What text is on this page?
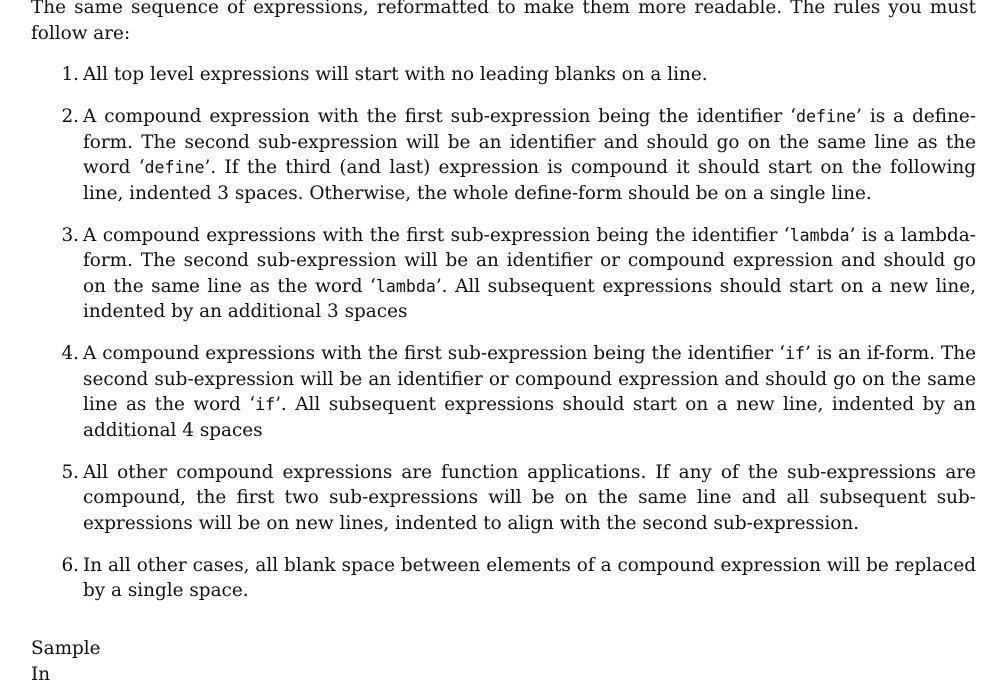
The same sequence of expressions, reformatted to make them more readable. The rules you must follow are:

1. All top level expressions will start with no leading blanks on a line.
2. A compound expression with the first sub-expression being the identifier ‘define’ is a define-form. The second sub-expression will be an identifier and should go on the same line as the word ‘define’. If the third (and last) expression is compound it should start on the following line, indented 3 spaces. Otherwise, the whole define-form should be on a single line.
3. A compound expressions with the first sub-expression being the identifier ‘lambda’ is a lambda-form. The second sub-expression will be an identifier or compound expression and should go on the same line as the word ‘lambda’. All subsequent expressions should start on a new line, indented by an additional 3 spaces
4. A compound expressions with the first sub-expression being the identifier ‘if’ is an if-form. The second sub-expression will be an identifier or compound expression and should go on the same line as the word ‘if’. All subsequent expressions should start on a new line, indented by an additional 4 spaces
5. All other compound expressions are function applications. If any of the sub-expressions are compound, the first two sub-expressions will be on the same line and all subsequent sub-expressions will be on new lines, indented to align with the second sub-expression.
6. In all other cases, all blank space between elements of a compound expression will be replaced by a single space.
Sample In
